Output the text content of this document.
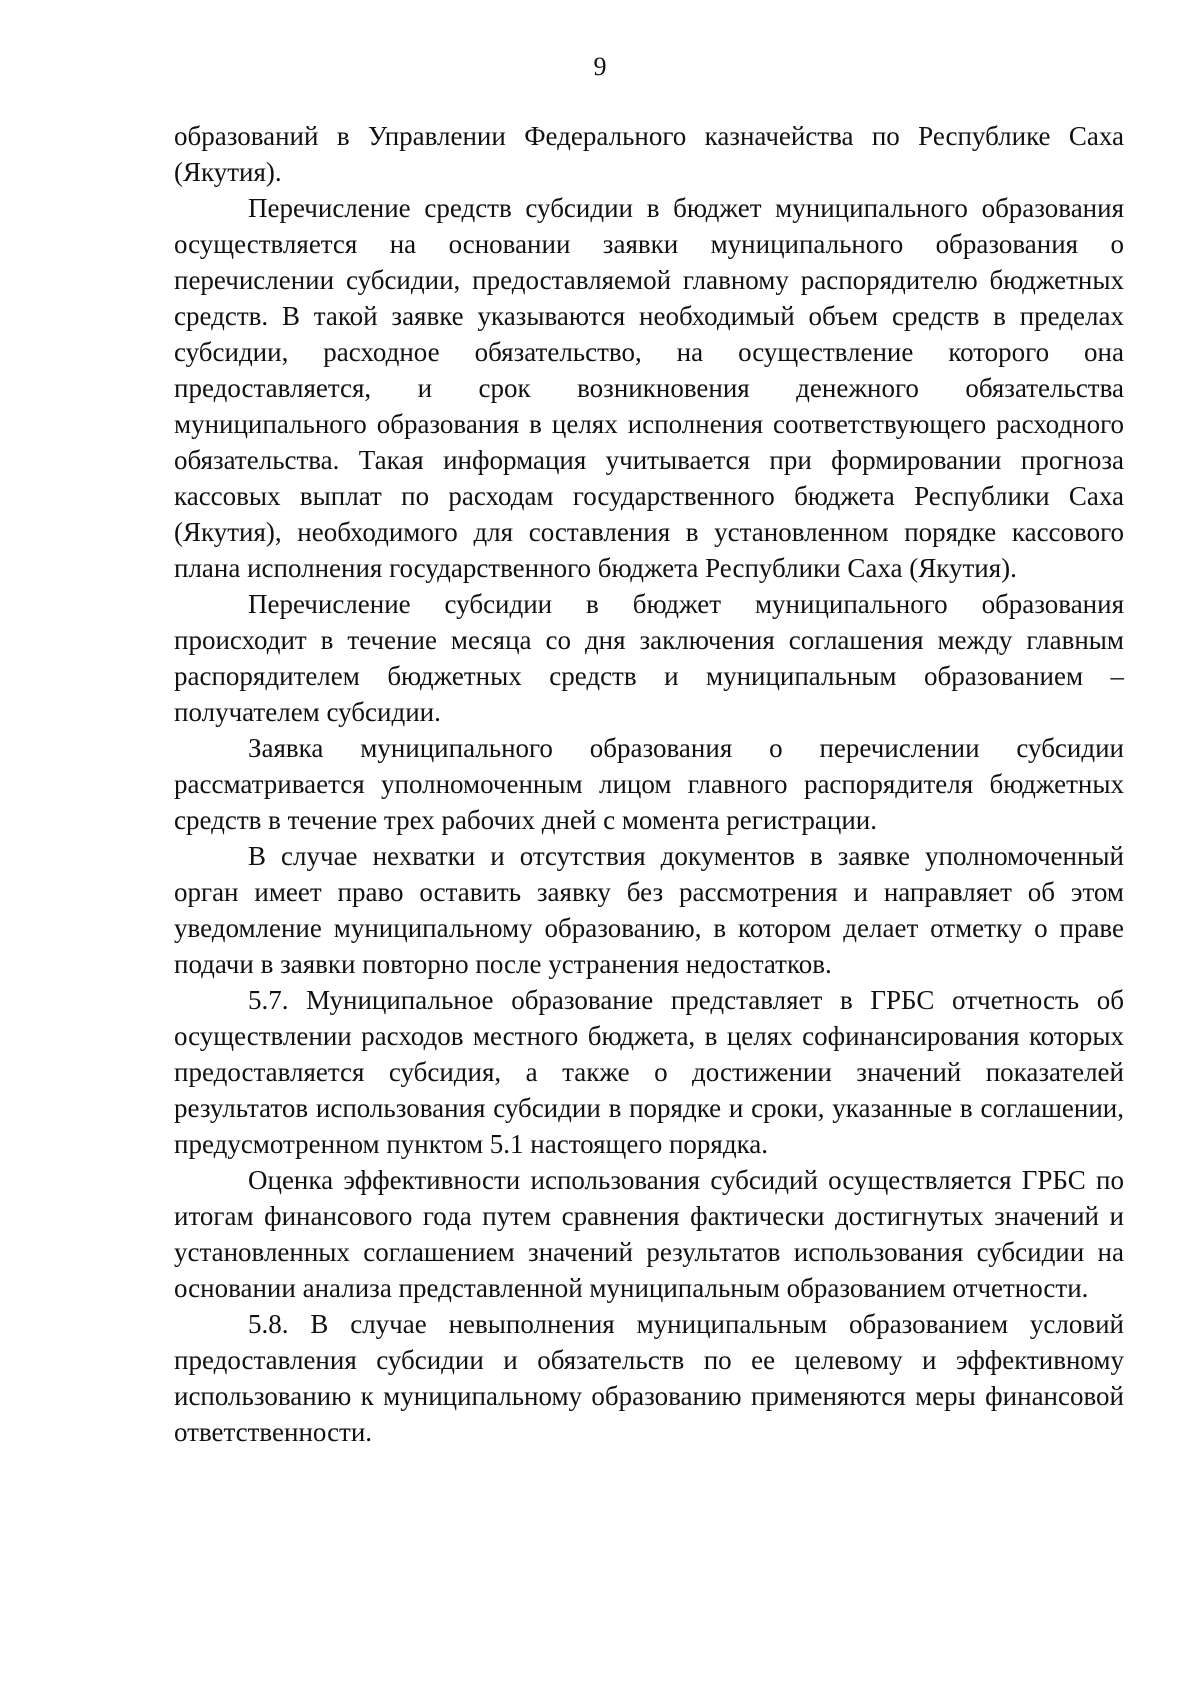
9

образований в Управлении Федерального казначейства по Республике Саха (Якутия).

Перечисление средств субсидии в бюджет муниципального образования осуществляется на основании заявки муниципального образования о перечислении субсидии, предоставляемой главному распорядителю бюджетных средств. В такой заявке указываются необходимый объем средств в пределах субсидии, расходное обязательство, на осуществление которого она предоставляется, и срок возникновения денежного обязательства муниципального образования в целях исполнения соответствующего расходного обязательства. Такая информация учитывается при формировании прогноза кассовых выплат по расходам государственного бюджета Республики Саха (Якутия), необходимого для составления в установленном порядке кассового плана исполнения государственного бюджета Республики Саха (Якутия).

Перечисление субсидии в бюджет муниципального образования происходит в течение месяца со дня заключения соглашения между главным распорядителем бюджетных средств и муниципальным образованием – получателем субсидии.

Заявка муниципального образования о перечислении субсидии рассматривается уполномоченным лицом главного распорядителя бюджетных средств в течение трех рабочих дней с момента регистрации.

В случае нехватки и отсутствия документов в заявке уполномоченный орган имеет право оставить заявку без рассмотрения и направляет об этом уведомление муниципальному образованию, в котором делает отметку о праве подачи в заявки повторно после устранения недостатков.

5.7. Муниципальное образование представляет в ГРБС отчетность об осуществлении расходов местного бюджета, в целях софинансирования которых предоставляется субсидия, а также о достижении значений показателей результатов использования субсидии в порядке и сроки, указанные в соглашении, предусмотренном пунктом 5.1 настоящего порядка.

Оценка эффективности использования субсидий осуществляется ГРБС по итогам финансового года путем сравнения фактически достигнутых значений и установленных соглашением значений результатов использования субсидии на основании анализа представленной муниципальным образованием отчетности.

5.8. В случае невыполнения муниципальным образованием условий предоставления субсидии и обязательств по ее целевому и эффективному использованию к муниципальному образованию применяются меры финансовой ответственности.
